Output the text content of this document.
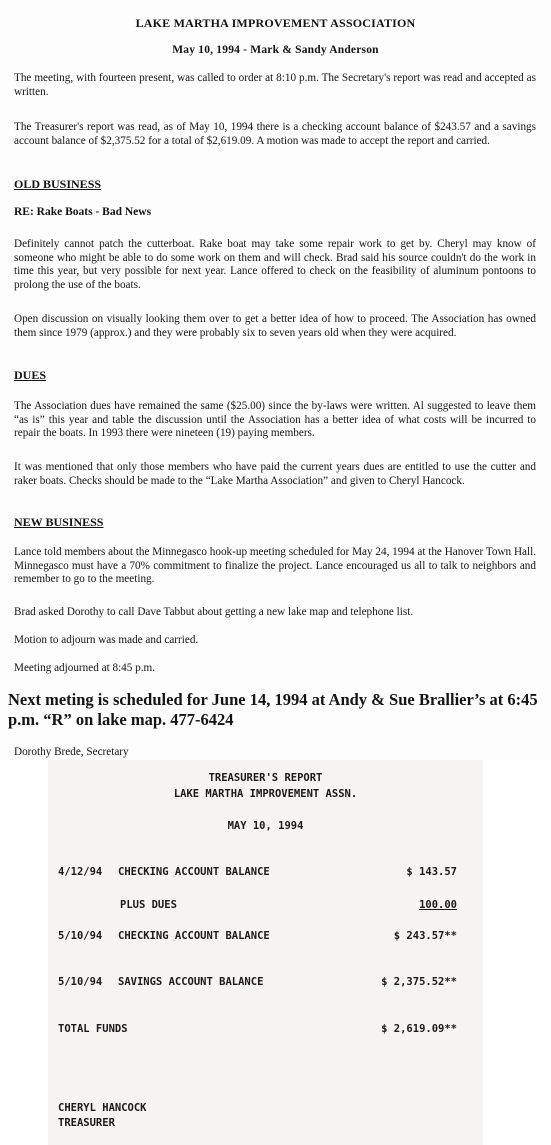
LAKE MARTHA IMPROVEMENT ASSOCIATION
May 10, 1994 - Mark & Sandy Anderson

The meeting, with fourteen present, was called to order at 8:10 p.m. The Secretary's report was read and accepted as written.

The Treasurer's report was read, as of May 10, 1994 there is a checking account balance of $243.57 and a savings account balance of $2,375.52 for a total of $2,619.09. A motion was made to accept the report and carried.

OLD BUSINESS
RE: Rake Boats - Bad News

Definitely cannot patch the cutterboat. Rake boat may take some repair work to get by. Cheryl may know of someone who might be able to do some work on them and will check. Brad said his source couldn't do the work in time this year, but very possible for next year. Lance offered to check on the feasibility of aluminum pontoons to prolong the use of the boats.

Open discussion on visually looking them over to get a better idea of how to proceed. The Association has owned them since 1979 (approx.) and they were probably six to seven years old when they were acquired.

DUES

The Association dues have remained the same ($25.00) since the by-laws were written. Al suggested to leave them “as is” this year and table the discussion until the Association has a better idea of what costs will be incurred to repair the boats. In 1993 there were nineteen (19) paying members.

It was mentioned that only those members who have paid the current years dues are entitled to use the cutter and raker boats. Checks should be made to the “Lake Martha Association” and given to Cheryl Hancock.

NEW BUSINESS

Lance told members about the Minnegasco hook-up meeting scheduled for May 24, 1994 at the Hanover Town Hall. Minnegasco must have a 70% commitment to finalize the project. Lance encouraged us all to talk to neighbors and remember to go to the meeting.

Brad asked Dorothy to call Dave Tabbut about getting a new lake map and telephone list.

Motion to adjourn was made and carried.

Meeting adjourned at 8:45 p.m.

Next meting is scheduled for June 14, 1994 at Andy & Sue Brallier’s at 6:45 p.m. “R” on lake map. 477-6424

Dorothy Brede, Secretary

TREASURER'S REPORT
LAKE MARTHA IMPROVEMENT ASSN.
MAY 10, 1994
4/12/94 CHECKING ACCOUNT BALANCE	$ 143.57
PLUS DUES	100.00
5/10/94 CHECKING ACCOUNT BALANCE	$ 243.57**
5/10/94 SAVINGS ACCOUNT BALANCE	$ 2,375.52**
TOTAL FUNDS	$ 2,619.09**
CHERYL HANCOCK
TREASURER
